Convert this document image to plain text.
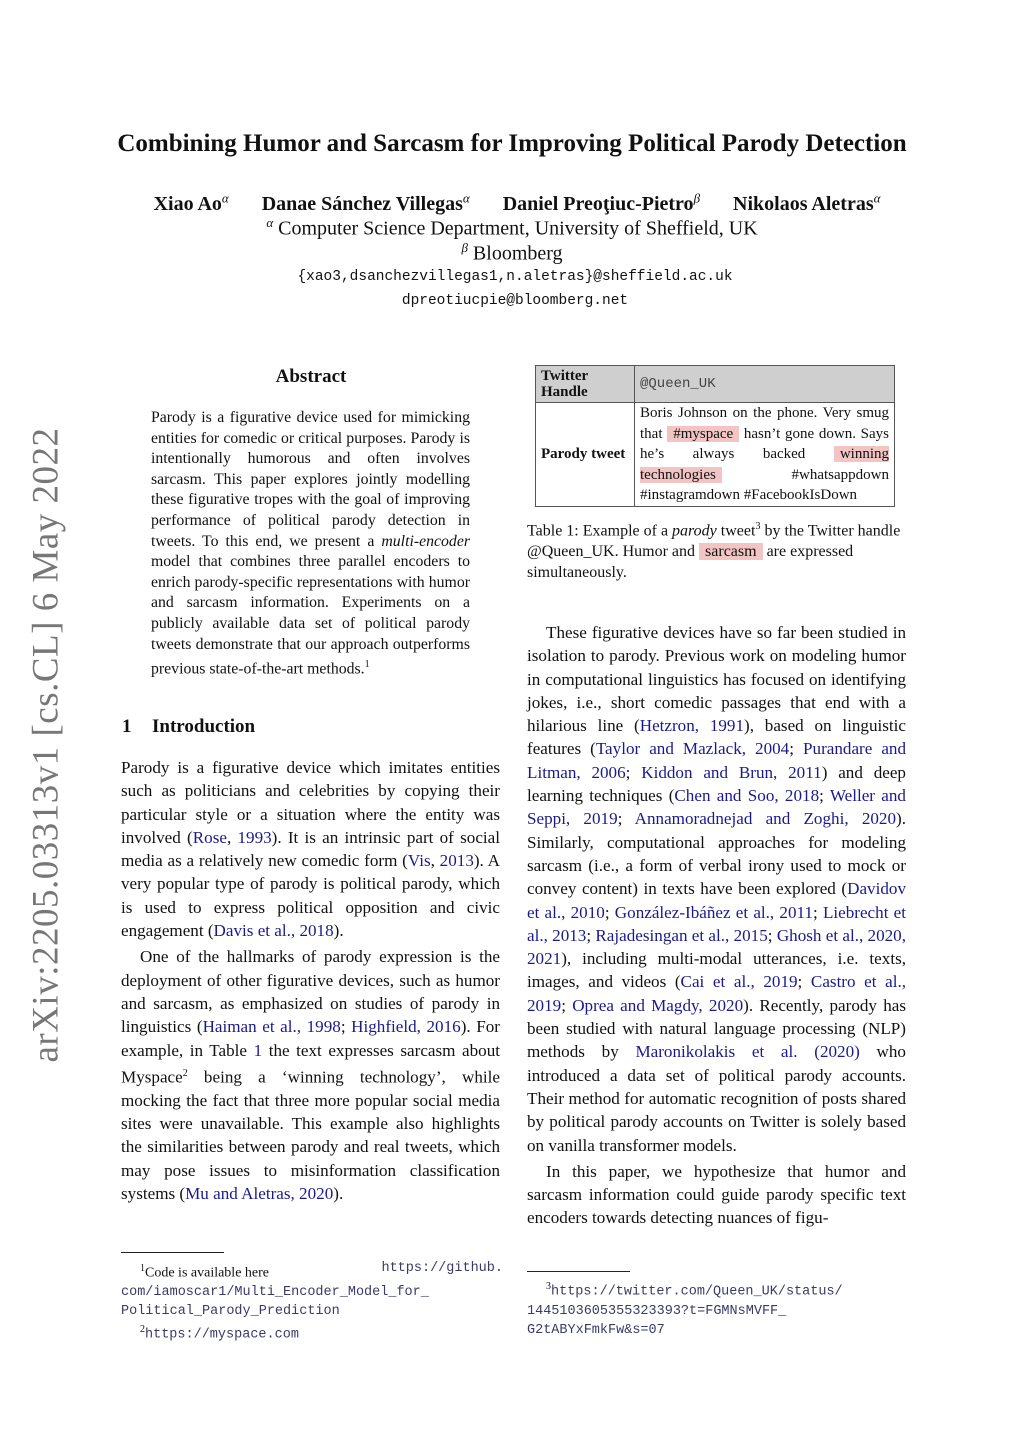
arXiv:2205.03313v1 [cs.CL] 6 May 2022
Combining Humor and Sarcasm for Improving Political Parody Detection
Xiao $Ao^\alpha$ Danae Sánchez Villegas$^\alpha$ Daniel Preoţiuc-Pietro$^\beta$ Nikolaos Aletras$^\alpha$
$^\alpha$ Computer Science Department, University of Sheffield, UK
$^\beta$ Bloomberg
{xao3,dsanchezvillegas1,n.aletras}@sheffield.ac.uk
dpreotiucpie@bloomberg.net
Abstract
Parody is a figurative device used for mimicking entities for comedic or critical purposes. Parody is intentionally humorous and often involves sarcasm. This paper explores jointly modelling these figurative tropes with the goal of improving performance of political parody detection in tweets. To this end, we present a multi-encoder model that combines three parallel encoders to enrich parody-specific representations with humor and sarcasm information. Experiments on a publicly available data set of political parody tweets demonstrate that our approach outperforms previous state-of-the-art methods.$^1$
1 Introduction

Parody is a figurative device which imitates entities such as politicians and celebrities by copying their particular style or a situation where the entity was involved (Rose, 1993). It is an intrinsic part of social media as a relatively new comedic form (Vis, 2013). A very popular type of parody is political parody, which is used to express political opposition and civic engagement (Davis et al., 2018).

One of the hallmarks of parody expression is the deployment of other figurative devices, such as humor and sarcasm, as emphasized on studies of parody in linguistics (Haiman et al., 1998; Highfield, 2016). For example, in Table 1 the text expresses sarcasm about Myspace$^2$ being a ‘winning technology’, while mocking the fact that three more popular social media sites were unavailable. This example also highlights the similarities between parody and real tweets, which may pose issues to misinformation classification systems (Mu and Aletras, 2020).

$^1$Code is available here	https://github.
com/iamoscar1/Multi_Encoder_Model_for_
Political_Parody_Prediction
$^2$https://myspace.com
Twitter Handle	@Queen_UK
Parody tweet	Boris Johnson on the phone. Very smug that #myspace hasn’t gone down. Says he’s always backed winning technologies #whatsappdown #instagramdown #FacebookIsDown
Table 1: Example of a parody tweet$^3$ by the Twitter handle @Queen_UK. Humor and sarcasm are expressed simultaneously.

These figurative devices have so far been studied in isolation to parody. Previous work on modeling humor in computational linguistics has focused on identifying jokes, i.e., short comedic passages that end with a hilarious line (Hetzron, 1991), based on linguistic features (Taylor and Mazlack, 2004; Purandare and Litman, 2006; Kiddon and Brun, 2011) and deep learning techniques (Chen and Soo, 2018; Weller and Seppi, 2019; Annamoradnejad and Zoghi, 2020). Similarly, computational approaches for modeling sarcasm (i.e., a form of verbal irony used to mock or convey content) in texts have been explored (Davidov et al., 2010; González-Ibáñez et al., 2011; Liebrecht et al., 2013; Rajadesingan et al., 2015; Ghosh et al., 2020, 2021), including multi-modal utterances, i.e. texts, images, and videos (Cai et al., 2019; Castro et al., 2019; Oprea and Magdy, 2020). Recently, parody has been studied with natural language processing (NLP) methods by Maronikolakis et al. (2020) who introduced a data set of political parody accounts. Their method for automatic recognition of posts shared by political parody accounts on Twitter is solely based on vanilla transformer models.

In this paper, we hypothesize that humor and sarcasm information could guide parody specific text encoders towards detecting nuances of figu-

$^3$https://twitter.com/Queen_UK/status/
1445103605355323393?t=FGMNsMVFF_
G2tABYxFmkFw&s=07
